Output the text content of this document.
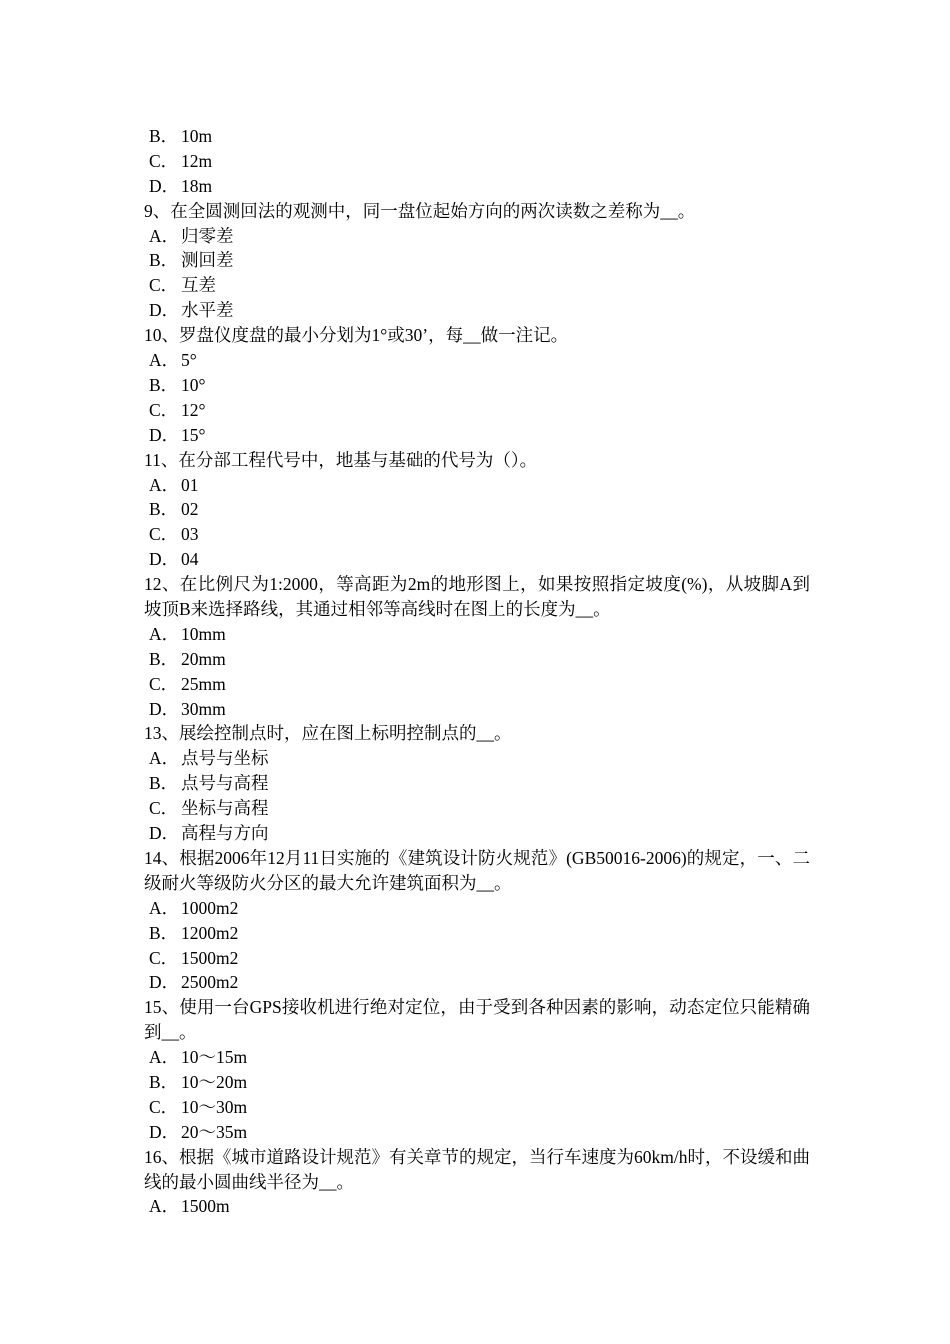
B． 10m
C． 12m
D． 18m
9、在全圆测回法的观测中，同一盘位起始方向的两次读数之差称为__。
A． 归零差
B． 测回差
C． 互差
D． 水平差
10、罗盘仪度盘的最小分划为1°或30’，每__做一注记。
A． 5°
B． 10°
C． 12°
D． 15°
11、在分部工程代号中，地基与基础的代号为（）。
A． 01
B． 02
C． 03
D． 04
12、在比例尺为1:2000，等高距为2m的地形图上，如果按照指定坡度(%)，从坡脚A到坡顶B来选择路线，其通过相邻等高线时在图上的长度为__。
A． 10mm
B． 20mm
C． 25mm
D． 30mm
13、展绘控制点时，应在图上标明控制点的__。
A． 点号与坐标
B． 点号与高程
C． 坐标与高程
D． 高程与方向
14、根据2006年12月11日实施的《建筑设计防火规范》(GB50016-2006)的规定，一、二级耐火等级防火分区的最大允许建筑面积为__。
A． 1000m2
B． 1200m2
C． 1500m2
D． 2500m2
15、使用一台GPS接收机进行绝对定位，由于受到各种因素的影响，动态定位只能精确到__。
A． 10～15m
B． 10～20m
C． 10～30m
D． 20～35m
16、根据《城市道路设计规范》有关章节的规定，当行车速度为60km/h时，不设缓和曲线的最小圆曲线半径为__。
A． 1500m
